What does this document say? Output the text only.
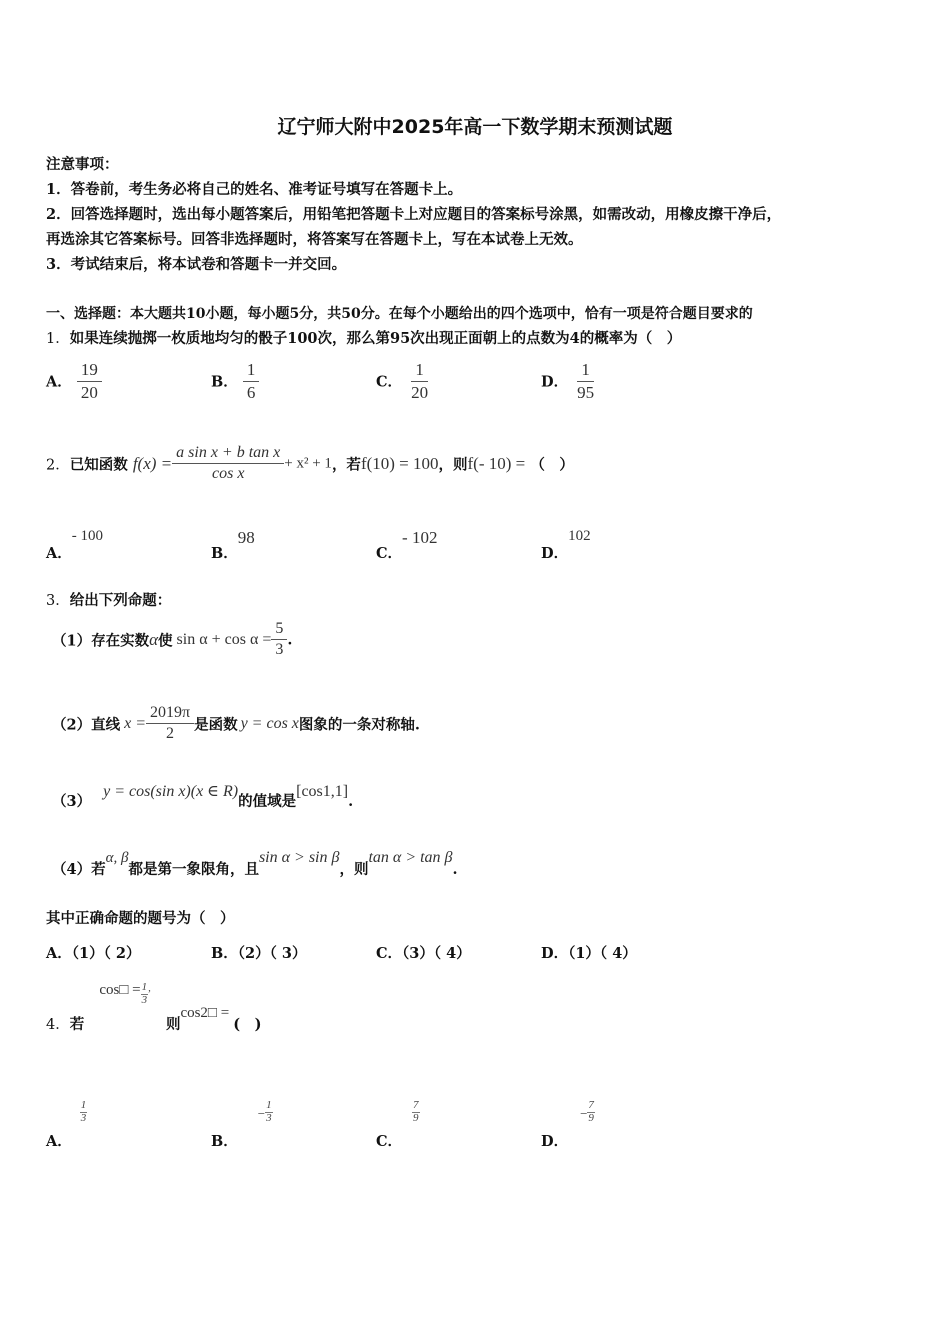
辽宁师大附中2025年高一下数学期末预测试题
注意事项：
1．答卷前，考生务必将自己的姓名、准考证号填写在答题卡上。
2．回答选择题时，选出每小题答案后，用铅笔把答题卡上对应题目的答案标号涂黑，如需改动，用橡皮擦干净后，
再选涂其它答案标号。回答非选择题时，将答案写在答题卡上，写在本试卷上无效。
3．考试结束后，将本试卷和答题卡一并交回。
一、选择题：本大题共10小题，每小题5分，共50分。在每个小题给出的四个选项中，恰有一项是符合题目要求的
1．如果连续抛掷一枚质地均匀的骰子100次，那么第95次出现正面朝上的点数为4的概率为（　）
A． $\frac{19}{20}$	B． $\frac{1}{6}$	C． $\frac{1}{20}$	D． $\frac{1}{95}$
2．已知函数 $f(x) = \frac{\text{a sin x + b tan x}}{\text{cos x}} + x^2 + 1$，若f(10) = 100，则f(- 10) = （　）
A．- 100
B．98
C．- 102
D．102
3．给出下列命题：
（1）存在实数α使 $\sin \alpha + \cos \alpha = \frac{5}{3}$ .
（2）直线 $x = \frac{2019\pi}{2}$ 是函数 y = cos x图象的一条对称轴.
（3）y = cos(sin x)(x ∈ R)的值域是[cos1,1].
（4）若α, β都是第一象限角，且sin α > sin β，则tan α > tan β.
其中正确命题的题号为（　）
A．（1）（ 2）	B．（2）（ 3）	C．（3）（ 4）	D．（1）（ 4）
4．若 cos□ = $\frac{1}{3} ^,$ 则cos2□ =(　)
A．
$\frac{1}{3}$
B．$^- \frac{1}{3}$
C．
$\frac{7}{9}$
D．$^- \frac{7}{9}$
